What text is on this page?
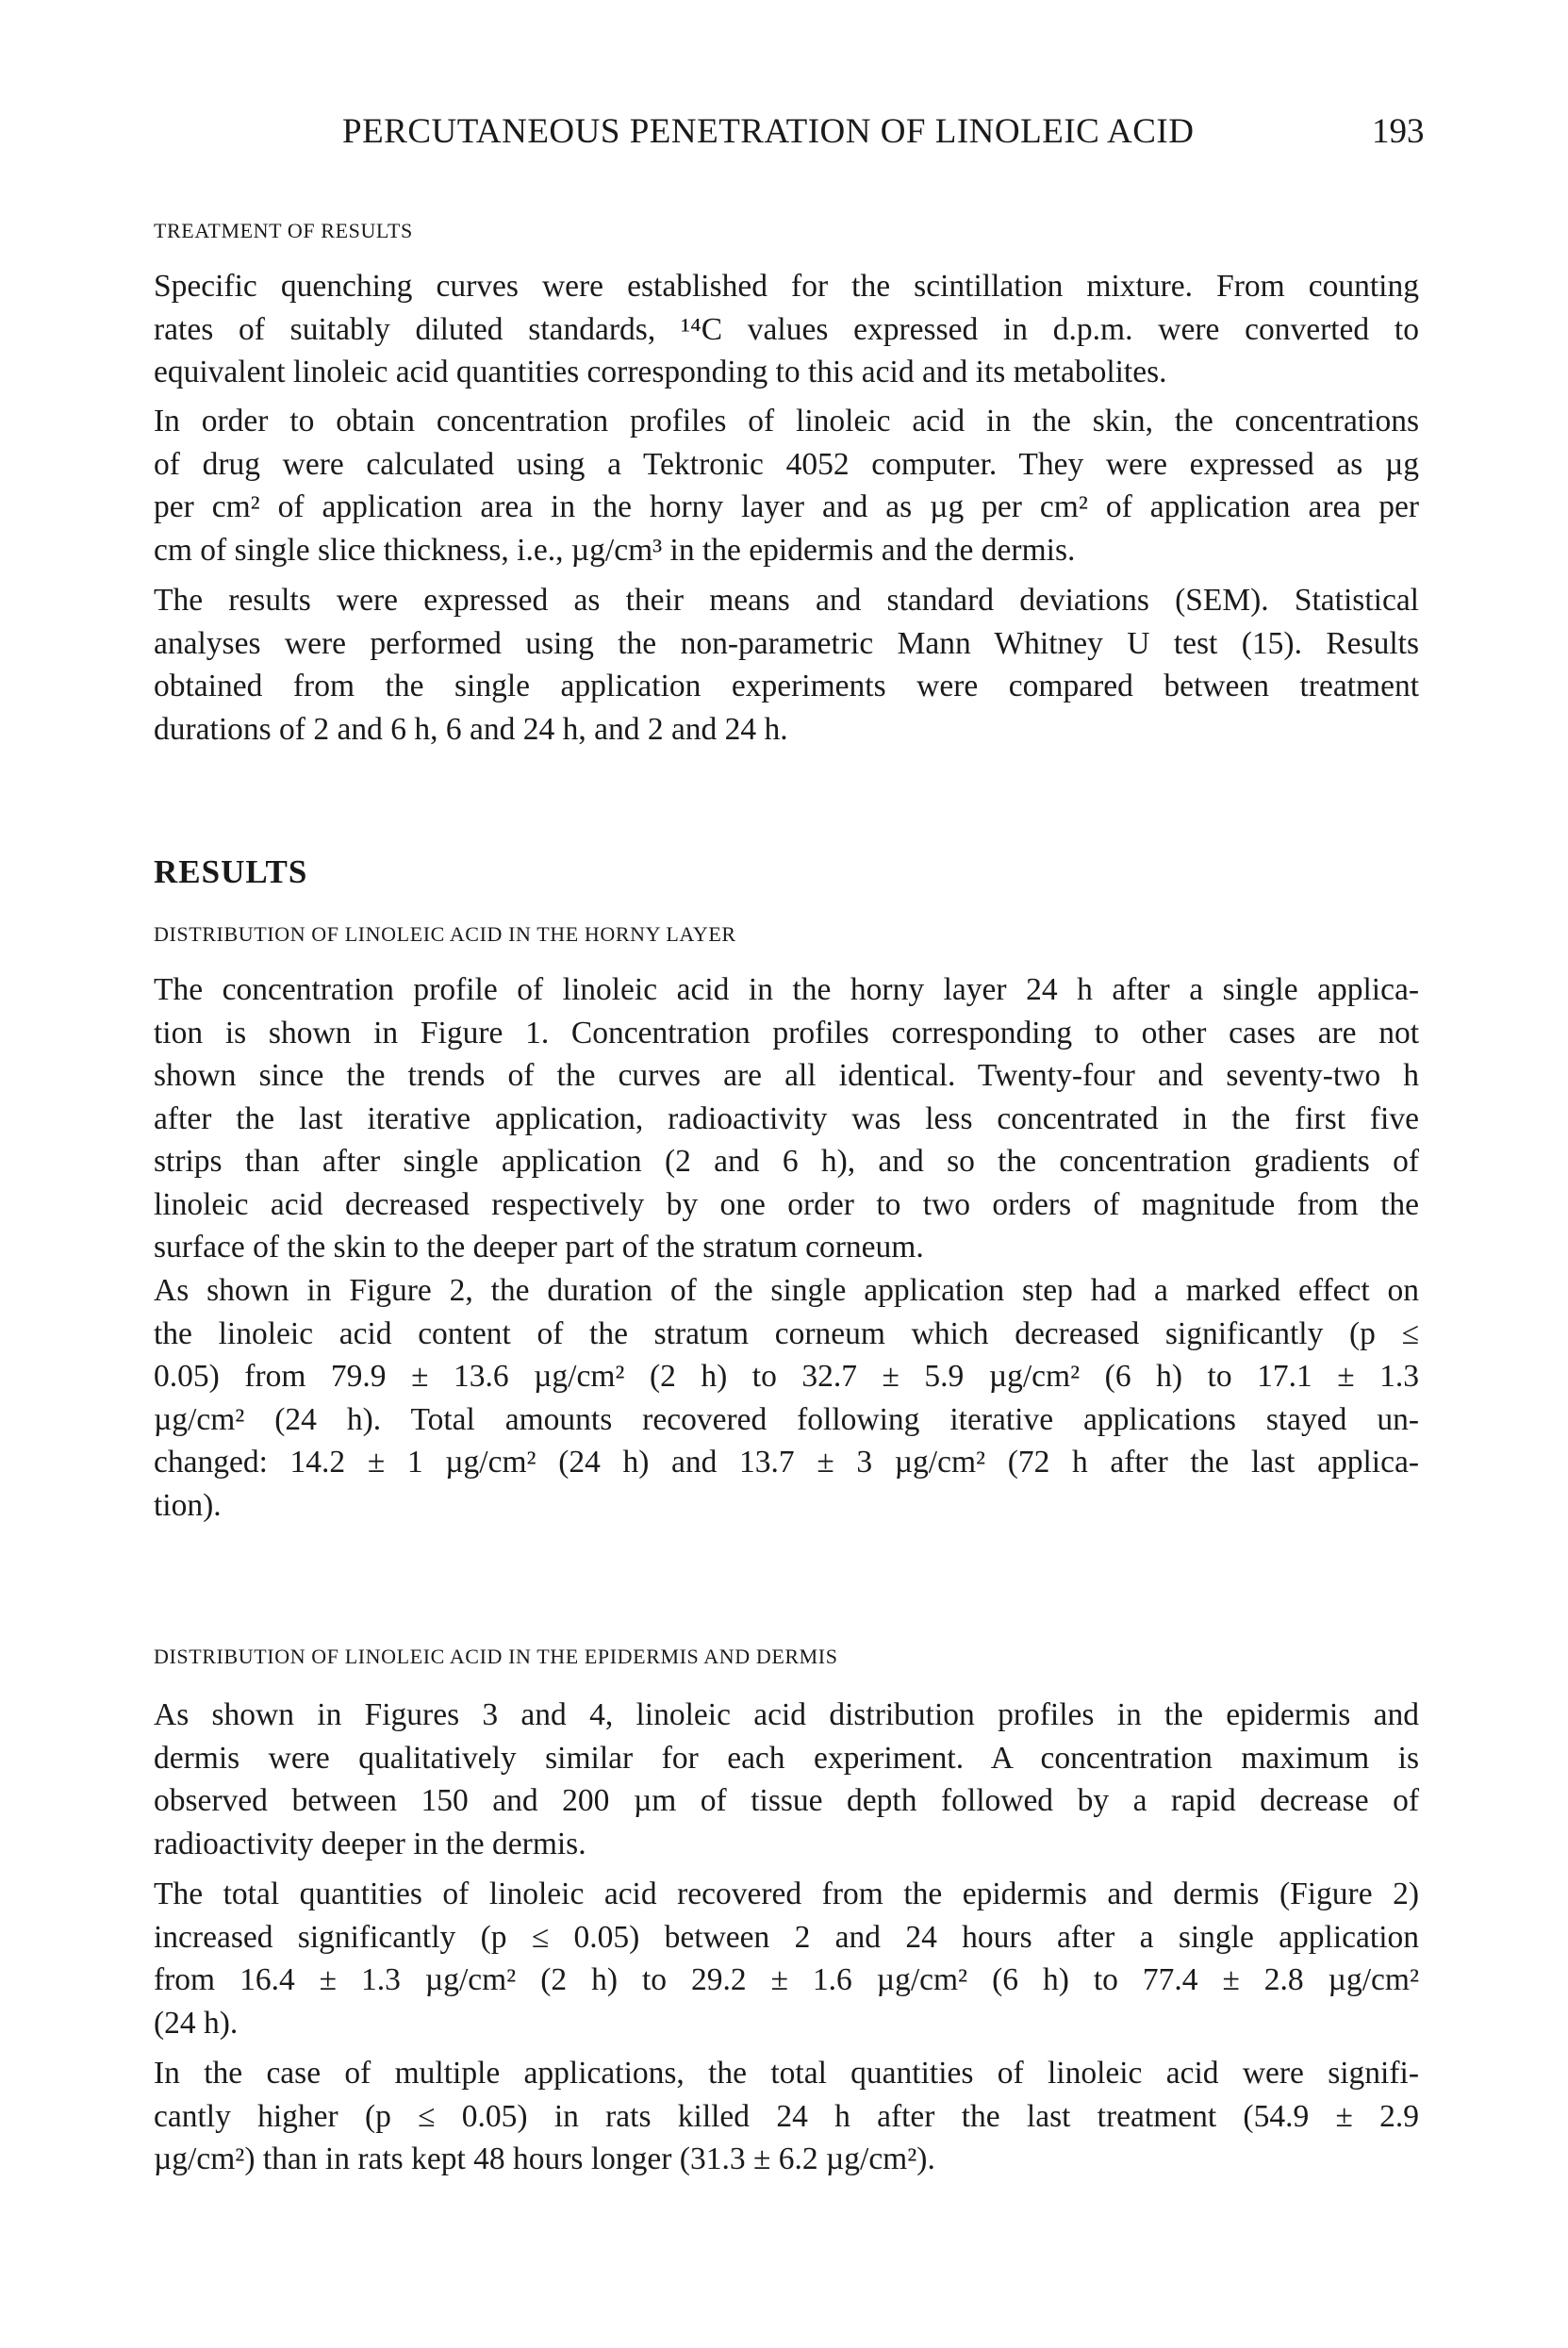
PERCUTANEOUS PENETRATION OF LINOLEIC ACID	193
TREATMENT OF RESULTS

Specific quenching curves were established for the scintillation mixture. From counting
rates of suitably diluted standards, ¹⁴C values expressed in d.p.m. were converted to
equivalent linoleic acid quantities corresponding to this acid and its metabolites.

In order to obtain concentration profiles of linoleic acid in the skin, the concentrations
of drug were calculated using a Tektronic 4052 computer. They were expressed as µg
per cm² of application area in the horny layer and as µg per cm² of application area per
cm of single slice thickness, i.e., µg/cm³ in the epidermis and the dermis.

The results were expressed as their means and standard deviations (SEM). Statistical
analyses were performed using the non-parametric Mann Whitney U test (15). Results
obtained from the single application experiments were compared between treatment
durations of 2 and 6 h, 6 and 24 h, and 2 and 24 h.

RESULTS
DISTRIBUTION OF LINOLEIC ACID IN THE HORNY LAYER

The concentration profile of linoleic acid in the horny layer 24 h after a single applica-
tion is shown in Figure 1. Concentration profiles corresponding to other cases are not
shown since the trends of the curves are all identical. Twenty-four and seventy-two h
after the last iterative application, radioactivity was less concentrated in the first five
strips than after single application (2 and 6 h), and so the concentration gradients of
linoleic acid decreased respectively by one order to two orders of magnitude from the
surface of the skin to the deeper part of the stratum corneum.

As shown in Figure 2, the duration of the single application step had a marked effect on
the linoleic acid content of the stratum corneum which decreased significantly (p ≤
0.05) from 79.9 ± 13.6 µg/cm² (2 h) to 32.7 ± 5.9 µg/cm² (6 h) to 17.1 ± 1.3
µg/cm² (24 h). Total amounts recovered following iterative applications stayed un-
changed: 14.2 ± 1 µg/cm² (24 h) and 13.7 ± 3 µg/cm² (72 h after the last applica-
tion).

DISTRIBUTION OF LINOLEIC ACID IN THE EPIDERMIS AND DERMIS

As shown in Figures 3 and 4, linoleic acid distribution profiles in the epidermis and
dermis were qualitatively similar for each experiment. A concentration maximum is
observed between 150 and 200 µm of tissue depth followed by a rapid decrease of
radioactivity deeper in the dermis.

The total quantities of linoleic acid recovered from the epidermis and dermis (Figure 2)
increased significantly (p ≤ 0.05) between 2 and 24 hours after a single application
from 16.4 ± 1.3 µg/cm² (2 h) to 29.2 ± 1.6 µg/cm² (6 h) to 77.4 ± 2.8 µg/cm²
(24 h).

In the case of multiple applications, the total quantities of linoleic acid were signifi-
cantly higher (p ≤ 0.05) in rats killed 24 h after the last treatment (54.9 ± 2.9
µg/cm²) than in rats kept 48 hours longer (31.3 ± 6.2 µg/cm²).
